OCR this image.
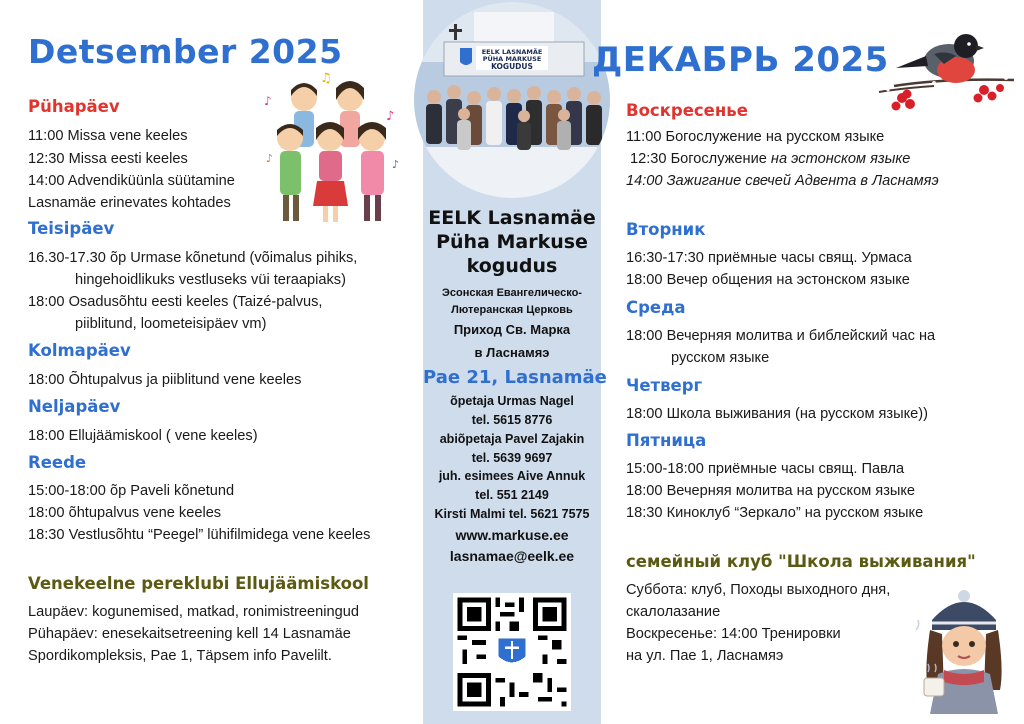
Detsember 2025
Pühapäev
11:00 Missa vene keeles
12:30 Missa eesti keeles
14:00 Advendiküünla süütamine
Lasnamäe erinevates kohtades
Teisipäev
16.30-17.30 õp Urmase kõnetund (võimalus pihiks,
hingehoidlikuks vestluseks vüi teraapiaks)
18:00 Osadusõhtu eesti keeles (Taizé-palvus,
piiblitund, loometeisipäev vm)
Kolmapäev
18:00 Õhtupalvus ja piiblitund vene keeles
Neljapäev
18:00 Ellujäämiskool ( vene keeles)
Reede
15:00-18:00 õp Paveli kõnetund
18:00 õhtupalvus vene keeles
18:30 Vestlusõhtu “Peegel” lühifilmidega vene keeles
Venekeelne pereklubi Ellujäämiskool
Laupäev: kogunemised, matkad, ronimistreeningud
Pühapäev: enesekaitsetreening kell 14 Lasnamäe
Spordikompleksis, Pae 1, Täpsem info Pavelilt.
♪
♫
♪
♪	♪
EELK LASNAMÄE
PÜHA MARKUSE
KOGUDUS
EELK Lasnamäe
Püha Markuse
kogudus
Эсонская Евангелическо-
Лютеранская Церковь
Приход Св. Марка
в Ласнамяэ
Pae 21, Lasnamäe
õpetaja Urmas Nagel
tel. 5615 8776
abiõpetaja Pavel Zajakin
tel. 5639 9697
juh. esimees Aive Annuk
tel. 551 2149
Kirsti Malmi tel. 5621 7575
www.markuse.ee
lasnamae@eelk.ee
ДЕКАБРЬ 2025
Воскресенье
11:00 Богослужение на русском языке
12:30 Богослужение на эстонском языке
14:00 Зажигание свечей Адвента в Ласнамяэ
Вторник
16:30-17:30 приёмные часы свящ. Урмаса
18:00 Вечер общения на эстонском языке
Среда
18:00 Вечерняя молитва и библейский час на
русском языке
Четверг
18:00 Школа выживания (на русском языке))
Пятница
15:00-18:00 приёмные часы свящ. Павла
18:00 Вечерняя молитва на русском языке
18:30 Киноклуб “Зеркало” на русском языке
семейный клуб "Школа выживания"
Суббота: клуб, Походы выходного дня,
скалолазание
Воскресенье: 14:00 Тренировки
на ул. Пае 1, Ласнамяэ
